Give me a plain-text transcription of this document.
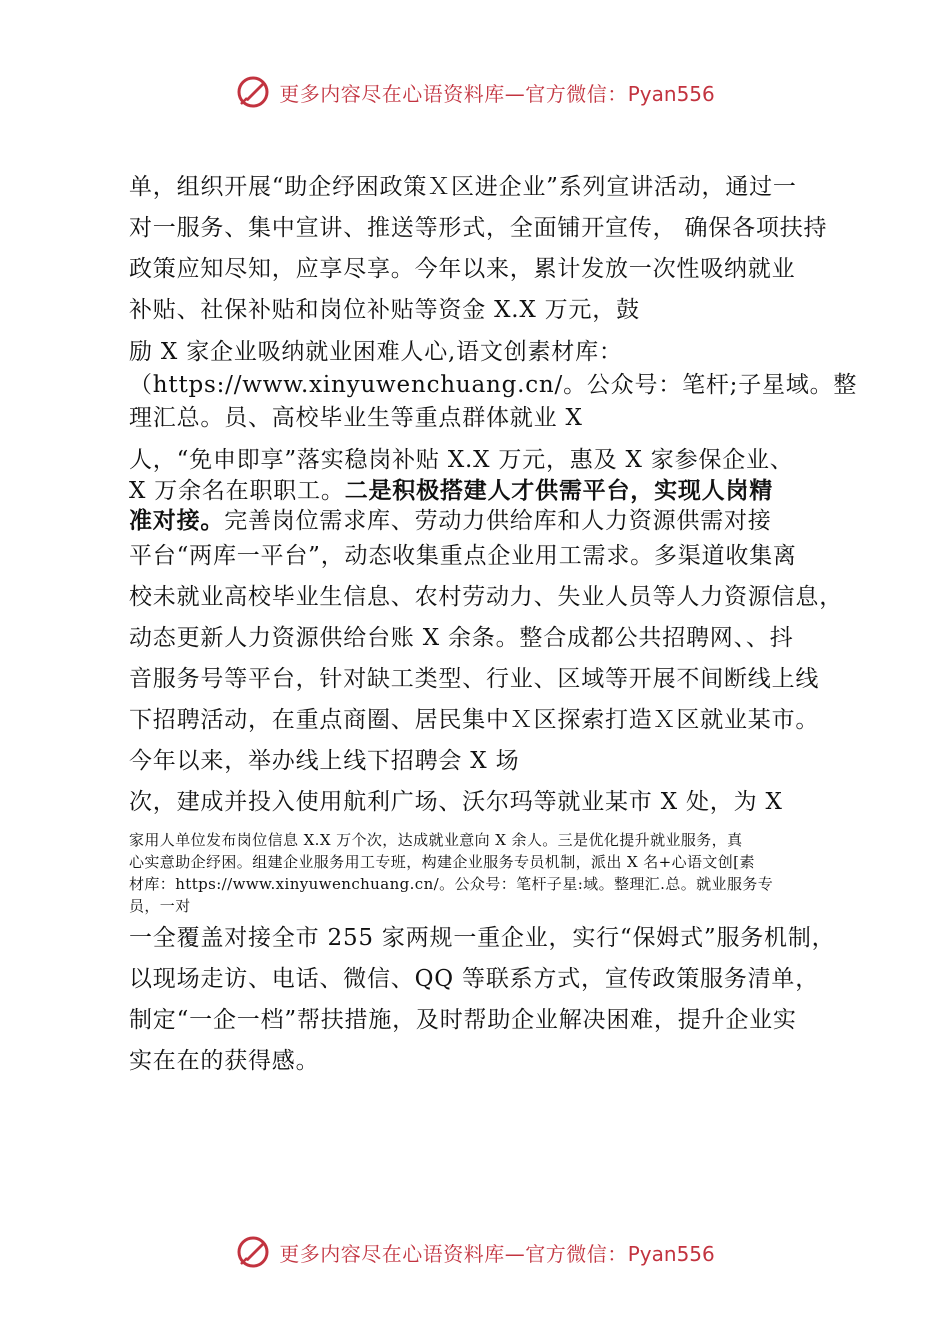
更多内容尽在心语资料库—官方微信：Pyan556
单，组织开展“助企纾困政策Ｘ区进企业”系列宣讲活动，通过一
对一服务、集中宣讲、推送等形式，全面铺开宣传， 确保各项扶持
政策应知尽知，应享尽享。今年以来，累计发放一次性吸纳就业
补贴、社保补贴和岗位补贴等资金 X.X 万元，鼓
励 X 家企业吸纳就业困难人心,语文创素材库：
（https://www.xinyuwenchuang.cn/。公众号：笔杆;子星域。整
理汇总。员、高校毕业生等重点群体就业 X
人，“免申即享”落实稳岗补贴 X.X 万元，惠及 X 家参保企业、
X 万余名在职职工。二是积极搭建人才供需平台，实现人岗精
准对接。完善岗位需求库、劳动力供给库和人力资源供需对接
平台“两库一平台”，动态收集重点企业用工需求。多渠道收集离
校未就业高校毕业生信息、农村劳动力、失业人员等人力资源信息，
动态更新人力资源供给台账 X 余条。整合成都公共招聘网、、抖
音服务号等平台，针对缺工类型、行业、区域等开展不间断线上线
下招聘活动，在重点商圈、居民集中Ｘ区探索打造Ｘ区就业某市。
今年以来，举办线上线下招聘会 X 场
次，建成并投入使用航利广场、沃尔玛等就业某市 X 处，为 X
家用人单位发布岗位信息 X.X 万个次，达成就业意向 X 余人。三是优化提升就业服务，真
心实意助企纾困。组建企业服务用工专班，构建企业服务专员机制，派出 X 名+心语文创[素
材库：https://www.xinyuwenchuang.cn/。公众号：笔杆子星:域。整理汇.总。就业服务专
员，一对
一全覆盖对接全市 255 家两规一重企业，实行“保姆式”服务机制，
以现场走访、电话、微信、QQ 等联系方式，宣传政策服务清单，
制定“一企一档”帮扶措施，及时帮助企业解决困难，提升企业实
实在在的获得感。
更多内容尽在心语资料库—官方微信：Pyan556
